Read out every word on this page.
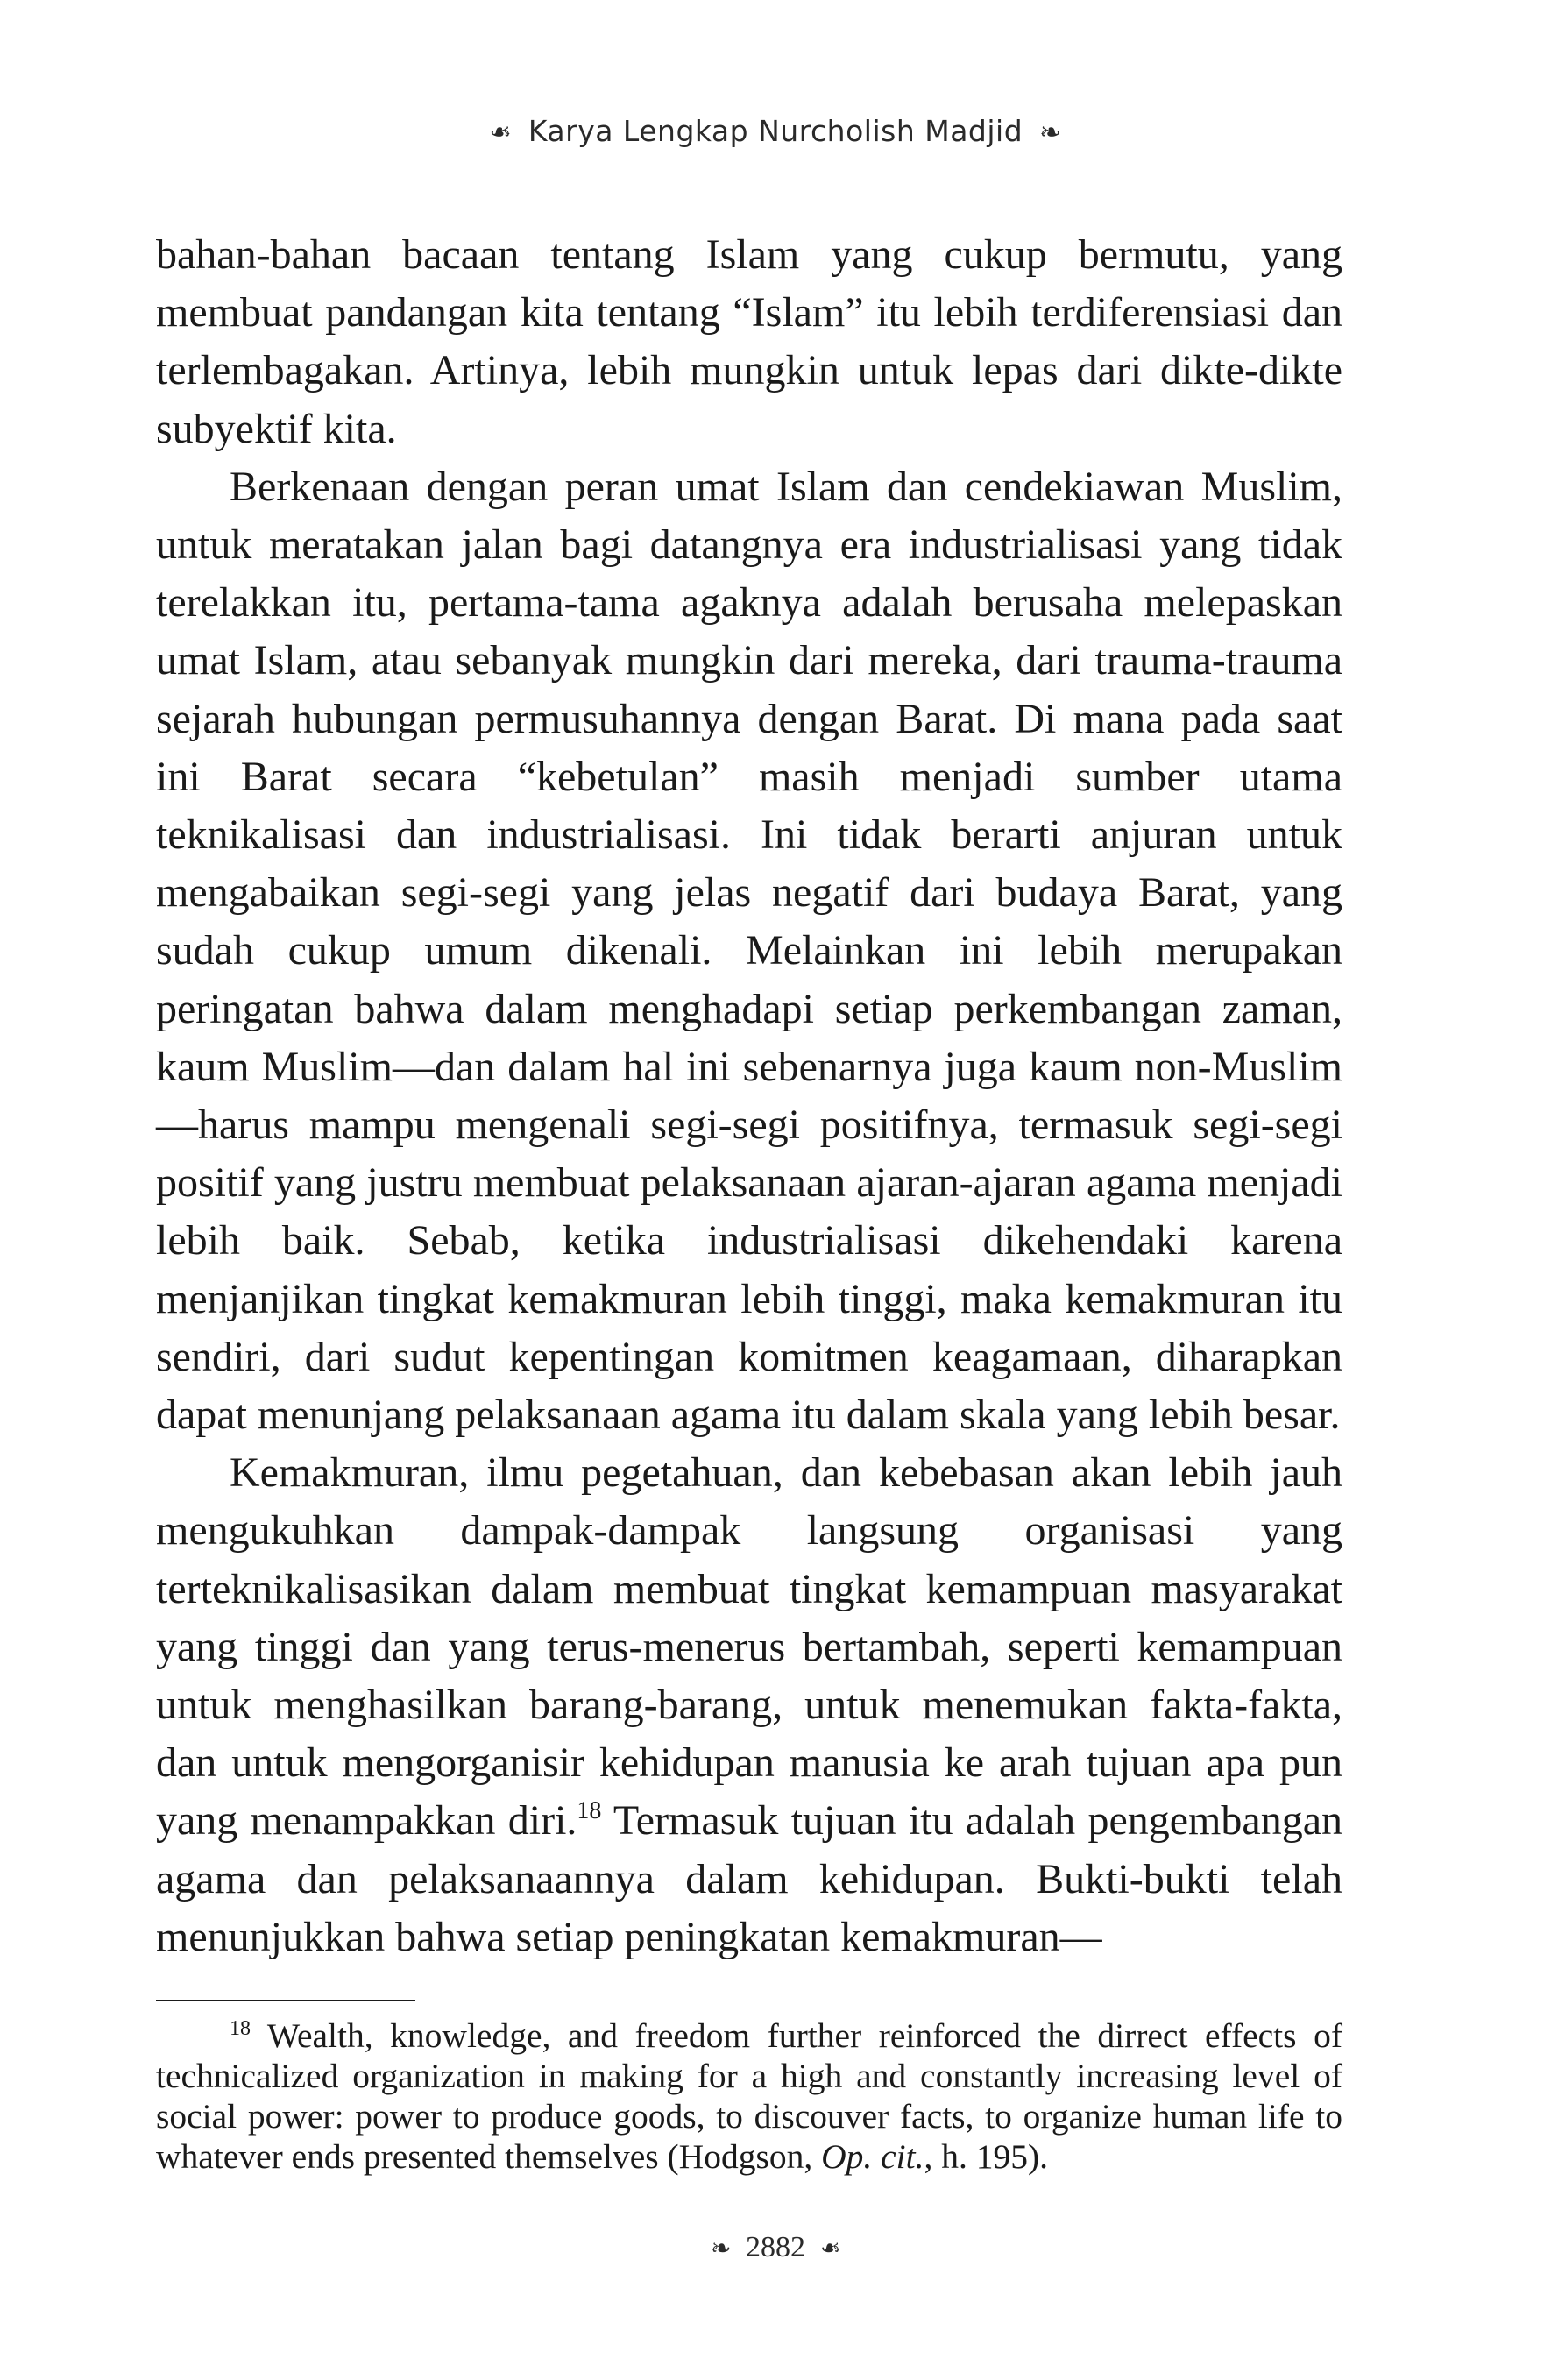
❧ Karya Lengkap Nurcholish Madjid ❧

bahan-bahan bacaan tentang Islam yang cukup bermutu, yang membuat pandangan kita tentang “Islam” itu lebih terdiferensiasi dan terlembagakan. Artinya, lebih mungkin untuk lepas dari dikte-dikte subyektif kita.

Berkenaan dengan peran umat Islam dan cendekiawan Muslim, untuk meratakan jalan bagi datangnya era industrialisasi yang tidak terelakkan itu, pertama-tama agaknya adalah berusaha melepaskan umat Islam, atau sebanyak mungkin dari mereka, dari trauma-trauma sejarah hubungan permusuhannya dengan Barat. Di mana pada saat ini Barat secara “kebetulan” masih menjadi sumber utama teknikalisasi dan industrialisasi. Ini tidak berarti anjuran untuk mengabaikan segi-segi yang jelas negatif dari budaya Barat, yang sudah cukup umum dikenali. Melainkan ini lebih merupakan peringatan bahwa dalam menghadapi setiap perkembangan zaman, kaum Muslim—dan dalam hal ini sebenarnya juga kaum non-Muslim—harus mampu mengenali segi-segi positifnya, termasuk segi-segi positif yang justru membuat pelaksanaan ajaran-ajaran agama menjadi lebih baik. Sebab, ketika industrialisasi dikehendaki karena menjanjikan tingkat kemakmuran lebih tinggi, maka kemakmuran itu sendiri, dari sudut kepentingan komitmen keagamaan, diharapkan dapat menunjang pelaksanaan agama itu dalam skala yang lebih besar.

Kemakmuran, ilmu pegetahuan, dan kebebasan akan lebih jauh mengukuhkan dampak-dampak langsung organisasi yang terteknikalisasikan dalam membuat tingkat kemampuan masyarakat yang tinggi dan yang terus-menerus bertambah, seperti kemampuan untuk menghasilkan barang-barang, untuk menemukan fakta-fakta, dan untuk mengorganisir kehidupan manusia ke arah tujuan apa pun yang menampakkan diri.$^{18}$ Termasuk tujuan itu adalah pengembangan agama dan pelaksanaannya dalam kehidupan. Bukti-bukti telah menunjukkan bahwa setiap peningkatan kemakmuran—

$^{18}$ Wealth, knowledge, and freedom further reinforced the dirrect effects of technicalized organization in making for a high and constantly increasing level of social power: power to produce goods, to discouver facts, to organize human life to whatever ends presented themselves (Hodgson, Op. cit., h. 195).

❧ 2882 ❧
